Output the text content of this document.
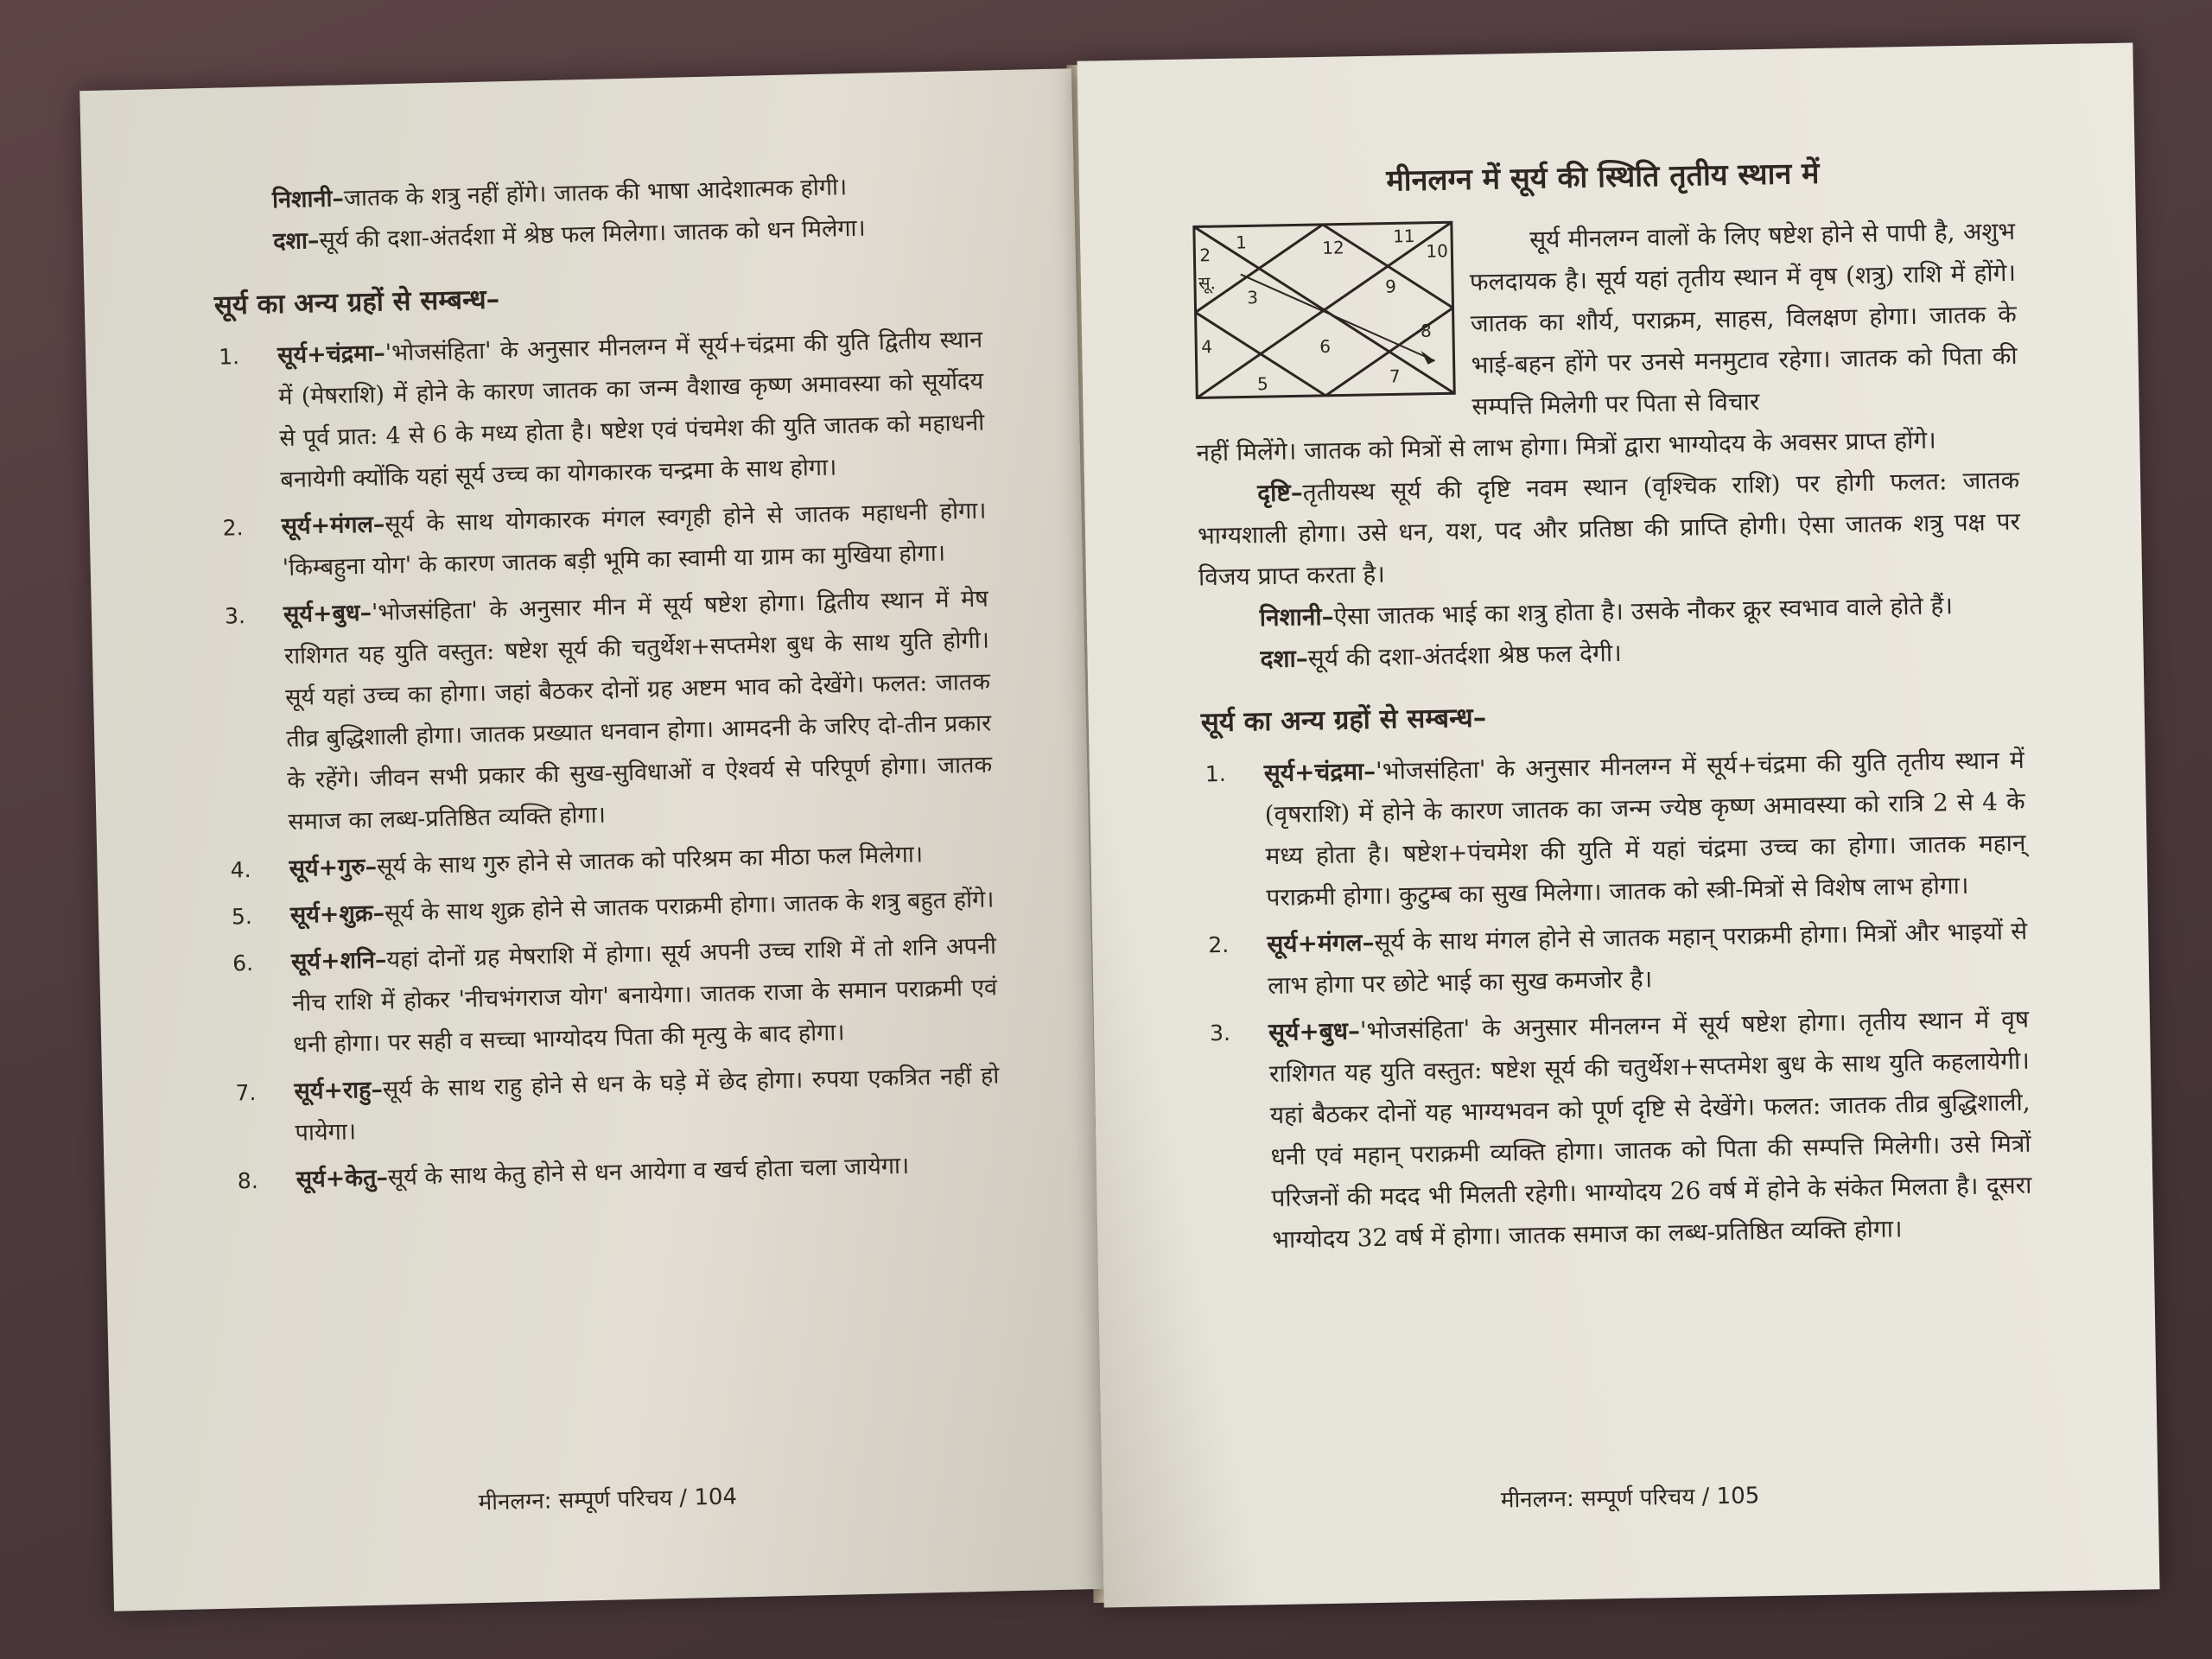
निशानी–जातक के शत्रु नहीं होंगे। जातक की भाषा आदेशात्मक होगी।

दशा–सूर्य की दशा-अंतर्दशा में श्रेष्ठ फल मिलेगा। जातक को धन मिलेगा।

सूर्य का अन्य ग्रहों से सम्बन्ध–
1. सूर्य+चंद्रमा–'भोजसंहिता' के अनुसार मीनलग्न में सूर्य+चंद्रमा की युति द्वितीय स्थान में (मेषराशि) में होने के कारण जातक का जन्म वैशाख कृष्ण अमावस्या को सूर्योदय से पूर्व प्रात: 4 से 6 के मध्य होता है। षष्टेश एवं पंचमेश की युति जातक को महाधनी बनायेगी क्योंकि यहां सूर्य उच्च का योगकारक चन्द्रमा के साथ होगा।
2. सूर्य+मंगल–सूर्य के साथ योगकारक मंगल स्वगृही होने से जातक महाधनी होगा। 'किम्बहुना योग' के कारण जातक बड़ी भूमि का स्वामी या ग्राम का मुखिया होगा।
3. सूर्य+बुध–'भोजसंहिता' के अनुसार मीन में सूर्य षष्टेश होगा। द्वितीय स्थान में मेष राशिगत यह युति वस्तुत: षष्टेश सूर्य की चतुर्थेश+सप्तमेश बुध के साथ युति होगी। सूर्य यहां उच्च का होगा। जहां बैठकर दोनों ग्रह अष्टम भाव को देखेंगे। फलत: जातक तीव्र बुद्धिशाली होगा। जातक प्रख्यात धनवान होगा। आमदनी के जरिए दो-तीन प्रकार के रहेंगे। जीवन सभी प्रकार की सुख-सुविधाओं व ऐश्वर्य से परिपूर्ण होगा। जातक समाज का लब्ध-प्रतिष्ठित व्यक्ति होगा।
4. सूर्य+गुरु–सूर्य के साथ गुरु होने से जातक को परिश्रम का मीठा फल मिलेगा।
5. सूर्य+शुक्र–सूर्य के साथ शुक्र होने से जातक पराक्रमी होगा। जातक के शत्रु बहुत होंगे।
6. सूर्य+शनि–यहां दोनों ग्रह मेषराशि में होगा। सूर्य अपनी उच्च राशि में तो शनि अपनी नीच राशि में होकर 'नीचभंगराज योग' बनायेगा। जातक राजा के समान पराक्रमी एवं धनी होगा। पर सही व सच्चा भाग्योदय पिता की मृत्यु के बाद होगा।
7. सूर्य+राहु–सूर्य के साथ राहु होने से धन के घड़े में छेद होगा। रुपया एकत्रित नहीं हो पायेगा।
8. सूर्य+केतु–सूर्य के साथ केतु होने से धन आयेगा व खर्च होता चला जायेगा।
मीनलग्न: सम्पूर्ण परिचय / 104
मीनलग्न में सूर्य की स्थिति तृतीय स्थान में
1
2
सू.
3
4
5
6
7
8
9
10
11
12	सूर्य मीनलग्न वालों के लिए षष्टेश होने से पापी है, अशुभ फलदायक है। सूर्य यहां तृतीय स्थान में वृष (शत्रु) राशि में होंगे। जातक का शौर्य, पराक्रम, साहस, विलक्षण होगा। जातक के भाई-बहन होंगे पर उनसे मनमुटाव रहेगा। जातक को पिता की सम्पत्ति मिलेगी पर पिता से विचार

नहीं मिलेंगे। जातक को मित्रों से लाभ होगा। मित्रों द्वारा भाग्योदय के अवसर प्राप्त होंगे।

दृष्टि–तृतीयस्थ सूर्य की दृष्टि नवम स्थान (वृश्चिक राशि) पर होगी फलत: जातक भाग्यशाली होगा। उसे धन, यश, पद और प्रतिष्ठा की प्राप्ति होगी। ऐसा जातक शत्रु पक्ष पर विजय प्राप्त करता है।

निशानी–ऐसा जातक भाई का शत्रु होता है। उसके नौकर क्रूर स्वभाव वाले होते हैं।

दशा–सूर्य की दशा-अंतर्दशा श्रेष्ठ फल देगी।

सूर्य का अन्य ग्रहों से सम्बन्ध–
1. सूर्य+चंद्रमा–'भोजसंहिता' के अनुसार मीनलग्न में सूर्य+चंद्रमा की युति तृतीय स्थान में (वृषराशि) में होने के कारण जातक का जन्म ज्येष्ठ कृष्ण अमावस्या को रात्रि 2 से 4 के मध्य होता है। षष्टेश+पंचमेश की युति में यहां चंद्रमा उच्च का होगा। जातक महान् पराक्रमी होगा। कुटुम्ब का सुख मिलेगा। जातक को स्त्री-मित्रों से विशेष लाभ होगा।
2. सूर्य+मंगल–सूर्य के साथ मंगल होने से जातक महान् पराक्रमी होगा। मित्रों और भाइयों से लाभ होगा पर छोटे भाई का सुख कमजोर है।
3. सूर्य+बुध–'भोजसंहिता' के अनुसार मीनलग्न में सूर्य षष्टेश होगा। तृतीय स्थान में वृष राशिगत यह युति वस्तुत: षष्टेश सूर्य की चतुर्थेश+सप्तमेश बुध के साथ युति कहलायेगी। यहां बैठकर दोनों यह भाग्यभवन को पूर्ण दृष्टि से देखेंगे। फलत: जातक तीव्र बुद्धिशाली, धनी एवं महान् पराक्रमी व्यक्ति होगा। जातक को पिता की सम्पत्ति मिलेगी। उसे मित्रों परिजनों की मदद भी मिलती रहेगी। भाग्योदय 26 वर्ष में होने के संकेत मिलता है। दूसरा भाग्योदय 32 वर्ष में होगा। जातक समाज का लब्ध-प्रतिष्ठित व्यक्ति होगा।
मीनलग्न: सम्पूर्ण परिचय / 105
